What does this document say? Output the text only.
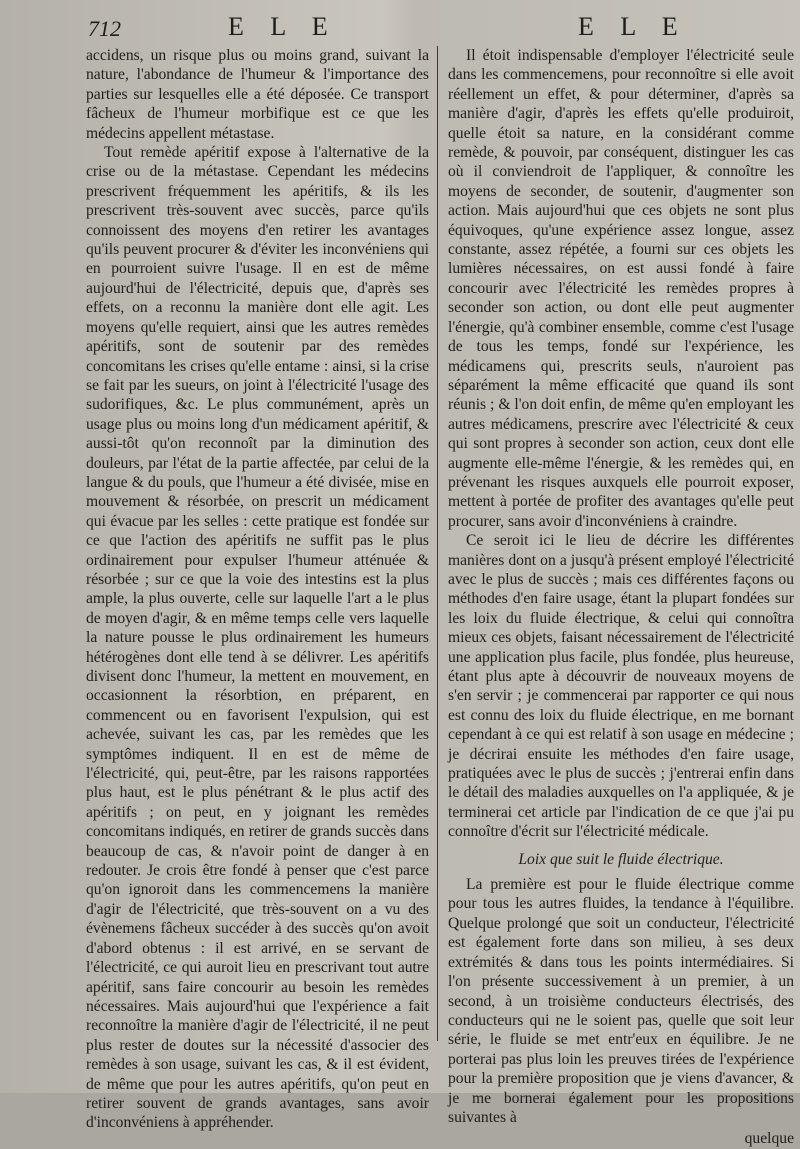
712	E L E	E L E

accidens, un risque plus ou moins grand, suivant la nature, l'abondance de l'humeur & l'importance des parties sur lesquelles elle a été déposée. Ce transport fâcheux de l'humeur morbifique est ce que les médecins appellent métastase.

Tout remède apéritif expose à l'alternative de la crise ou de la métastase. Cependant les médecins prescrivent fréquemment les apéritifs, & ils les prescrivent très-souvent avec succès, parce qu'ils connoissent des moyens d'en retirer les avantages qu'ils peuvent procurer & d'éviter les inconvéniens qui en pourroient suivre l'usage. Il en est de même aujourd'hui de l'électricité, depuis que, d'après ses effets, on a reconnu la manière dont elle agit. Les moyens qu'elle requiert, ainsi que les autres remèdes apéritifs, sont de soutenir par des remèdes concomitans les crises qu'elle entame : ainsi, si la crise se fait par les sueurs, on joint à l'électricité l'usage des sudorifiques, &c. Le plus communément, après un usage plus ou moins long d'un médicament apéritif, & aussi-tôt qu'on reconnoît par la diminution des douleurs, par l'état de la partie affectée, par celui de la langue & du pouls, que l'humeur a été divisée, mise en mouvement & résorbée, on prescrit un médicament qui évacue par les selles : cette pratique est fondée sur ce que l'action des apéritifs ne suffit pas le plus ordinairement pour expulser l'humeur atténuée & résorbée ; sur ce que la voie des intestins est la plus ample, la plus ouverte, celle sur laquelle l'art a le plus de moyen d'agir, & en même temps celle vers laquelle la nature pousse le plus ordinairement les humeurs hétérogènes dont elle tend à se délivrer. Les apéritifs divisent donc l'humeur, la mettent en mouvement, en occasionnent la résorbtion, en préparent, en commencent ou en favorisent l'expulsion, qui est achevée, suivant les cas, par les remèdes que les symptômes indiquent. Il en est de même de l'électricité, qui, peut-être, par les raisons rapportées plus haut, est le plus pénétrant & le plus actif des apéritifs ; on peut, en y joignant les remèdes concomitans indiqués, en retirer de grands succès dans beaucoup de cas, & n'avoir point de danger à en redouter. Je crois être fondé à penser que c'est parce qu'on ignoroit dans les commencemens la manière d'agir de l'électricité, que très-souvent on a vu des évènemens fâcheux succéder à des succès qu'on avoit d'abord obtenus : il est arrivé, en se servant de l'électricité, ce qui auroit lieu en prescrivant tout autre apéritif, sans faire concourir au besoin les remèdes nécessaires. Mais aujourd'hui que l'expérience a fait reconnoître la manière d'agir de l'électricité, il ne peut plus rester de doutes sur la nécessité d'associer des remèdes à son usage, suivant les cas, & il est évident, de même que pour les autres apéritifs, qu'on peut en retirer souvent de grands avantages, sans avoir d'inconvéniens à appréhender.

Il étoit indispensable d'employer l'électricité seule dans les commencemens, pour reconnoître si elle avoit réellement un effet, & pour déterminer, d'après sa manière d'agir, d'après les effets qu'elle produiroit, quelle étoit sa nature, en la considérant comme remède, & pouvoir, par conséquent, distinguer les cas où il conviendroit de l'appliquer, & connoître les moyens de seconder, de soutenir, d'augmenter son action. Mais aujourd'hui que ces objets ne sont plus équivoques, qu'une expérience assez longue, assez constante, assez répétée, a fourni sur ces objets les lumières nécessaires, on est aussi fondé à faire concourir avec l'électricité les remèdes propres à seconder son action, ou dont elle peut augmenter l'énergie, qu'à combiner ensemble, comme c'est l'usage de tous les temps, fondé sur l'expérience, les médicamens qui, prescrits seuls, n'auroient pas séparément la même efficacité que quand ils sont réunis ; & l'on doit enfin, de même qu'en employant les autres médicamens, prescrire avec l'électricité & ceux qui sont propres à seconder son action, ceux dont elle augmente elle-même l'énergie, & les remèdes qui, en prévenant les risques auxquels elle pourroit exposer, mettent à portée de profiter des avantages qu'elle peut procurer, sans avoir d'inconvéniens à craindre.

Ce seroit ici le lieu de décrire les différentes manières dont on a jusqu'à présent employé l'électricité avec le plus de succès ; mais ces différentes façons ou méthodes d'en faire usage, étant la plupart fondées sur les loix du fluide électrique, & celui qui connoîtra mieux ces objets, faisant nécessairement de l'électricité une application plus facile, plus fondée, plus heureuse, étant plus apte à découvrir de nouveaux moyens de s'en servir ; je commencerai par rapporter ce qui nous est connu des loix du fluide électrique, en me bornant cependant à ce qui est relatif à son usage en médecine ; je décrirai ensuite les méthodes d'en faire usage, pratiquées avec le plus de succès ; j'entrerai enfin dans le détail des maladies auxquelles on l'a appliquée, & je terminerai cet article par l'indication de ce que j'ai pu connoître d'écrit sur l'électricité médicale.

Loix que suit le fluide électrique.

La première est pour le fluide électrique comme pour tous les autres fluides, la tendance à l'équilibre. Quelque prolongé que soit un conducteur, l'électricité est également forte dans son milieu, à ses deux extrémités & dans tous les points intermédiaires. Si l'on présente successivement à un premier, à un second, à un troisième conducteurs électrisés, des conducteurs qui ne le soient pas, quelle que soit leur série, le fluide se met entr'eux en équilibre. Je ne porterai pas plus loin les preuves tirées de l'expérience pour la première proposition que je viens d'avancer, & je me bornerai également pour les propositions suivantes à

quelque
